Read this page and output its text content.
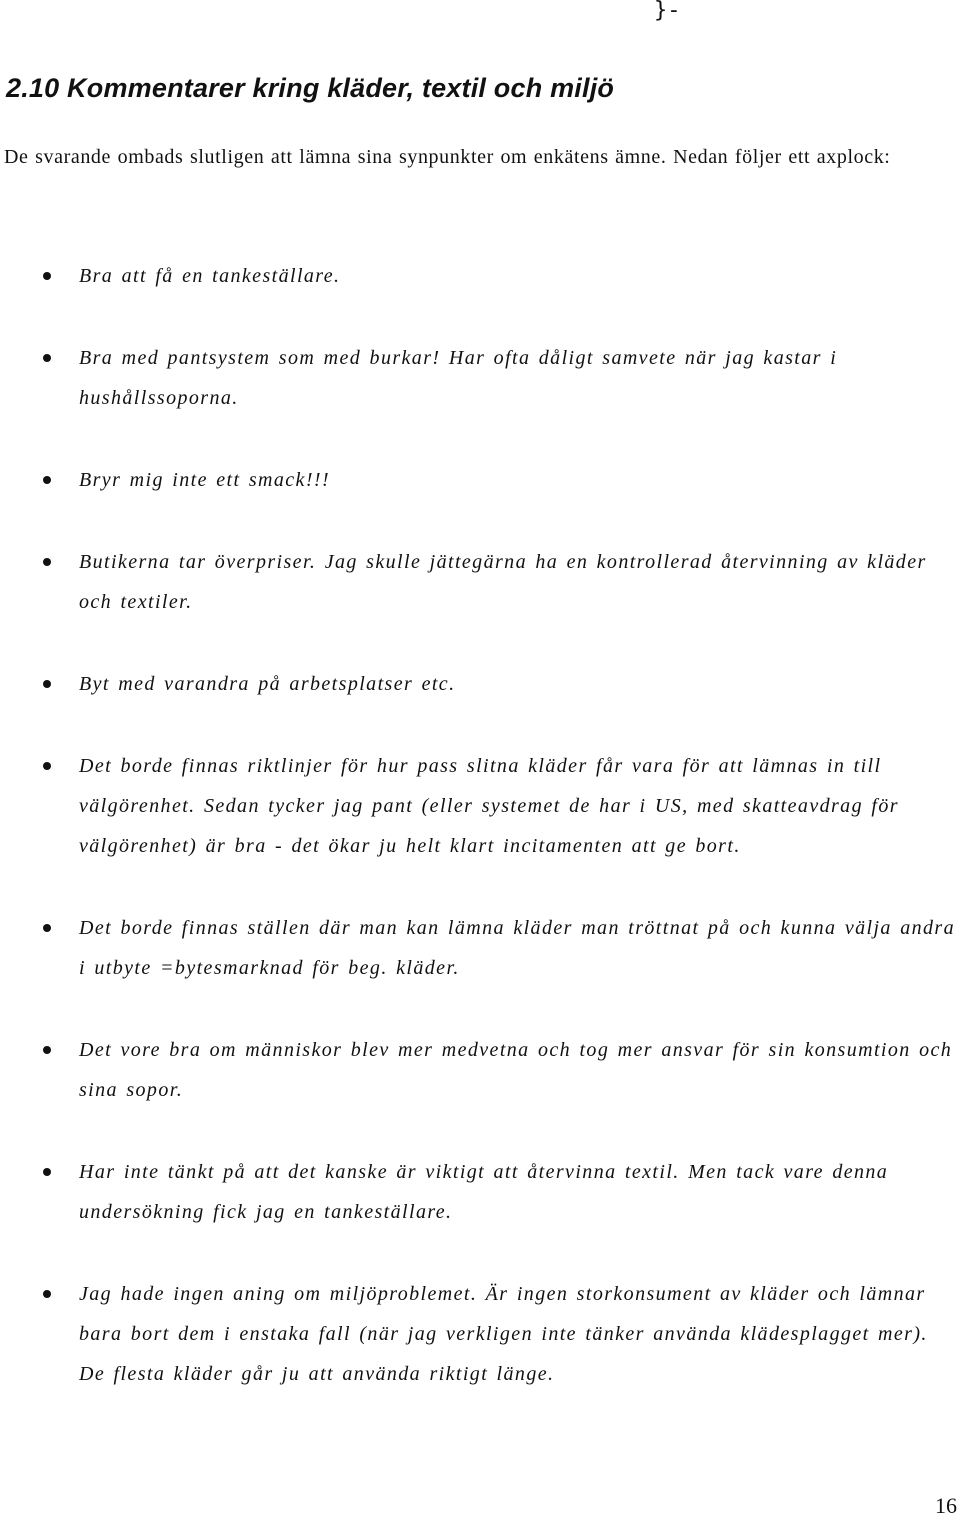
}-
2.10 Kommentarer kring kläder, textil och miljö

De svarande ombads slutligen att lämna sina synpunkter om enkätens ämne. Nedan följer ett axplock:

Bra att få en tankeställare.
Bra med pantsystem som med burkar! Har ofta dåligt samvete när jag kastar i hushållssoporna.
Bryr mig inte ett smack!!!
Butikerna tar överpriser. Jag skulle jättegärna ha en kontrollerad återvinning av kläder och textiler.
Byt med varandra på arbetsplatser etc.
Det borde finnas riktlinjer för hur pass slitna kläder får vara för att lämnas in till välgörenhet. Sedan tycker jag pant (eller systemet de har i US, med skatteavdrag för välgörenhet) är bra - det ökar ju helt klart incitamenten att ge bort.
Det borde finnas ställen där man kan lämna kläder man tröttnat på och kunna välja andra i utbyte =bytesmarknad för beg. kläder.
Det vore bra om människor blev mer medvetna och tog mer ansvar för sin konsumtion och sina sopor.
Har inte tänkt på att det kanske är viktigt att återvinna textil. Men tack vare denna undersökning fick jag en tankeställare.
Jag hade ingen aning om miljöproblemet. Är ingen storkonsument av kläder och lämnar bara bort dem i enstaka fall (när jag verkligen inte tänker använda klädesplagget mer). De flesta kläder går ju att använda riktigt länge.
16
